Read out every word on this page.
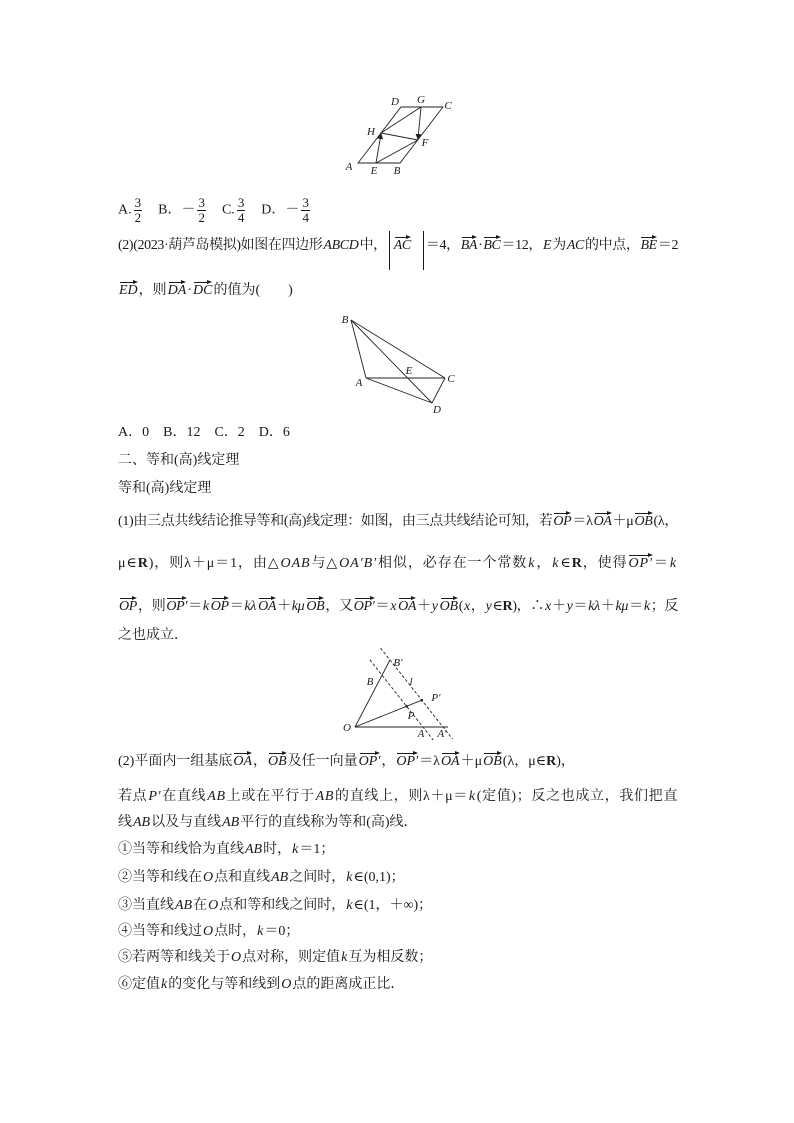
D G C
H
F
A E B
A. $\frac{3}{2}$ 　B．－ $\frac{3}{2}$ 　C. $\frac{3}{4}$ 　D．－ $\frac{3}{4}$
(2)(2023·葫芦岛模拟)如图在四边形ABCD中， AC ＝4，BA·BC＝12，E为AC的中点，BE＝2
ED，则DA·DC的值为(　　)
B
A
E
C
D
A．0　B．12　C．2　D．6
二、等和(高)线定理
等和(高)线定理
(1)由三点共线结论推导等和(高)线定理：如图，由三点共线结论可知，若OP＝λOA＋μOB(λ，
μ∈R)，则λ＋μ＝1，由△OAB与△OA′B′相似，必存在一个常数k，k∈R，使得OP′＝k
OP，则OP′＝k OP＝kλ OA＋kμ OB，又OP′＝x OA＋y OB(x，y∈R)，∴x＋y＝kλ＋kμ＝k；反
之也成立．
B′
B	l
P′
P
O	A A′
(2)平面内一组基底OA，OB及任一向量OP′，OP′＝λOA＋μOB(λ，μ∈R)，
若点P′在直线AB上或在平行于AB的直线上，则λ＋μ＝k(定值)；反之也成立，我们把直
线AB以及与直线AB平行的直线称为等和(高)线．
①当等和线恰为直线AB时，k＝1；
②当等和线在O点和直线AB之间时，k∈(0,1)；
③当直线AB在O点和等和线之间时，k∈(1，＋∞)；
④当等和线过O点时，k＝0；
⑤若两等和线关于O点对称，则定值k互为相反数；
⑥定值k的变化与等和线到O点的距离成正比．
